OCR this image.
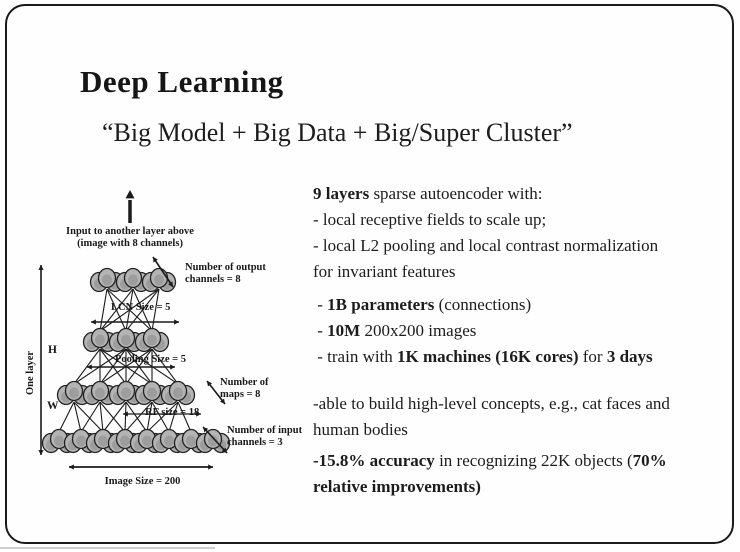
Deep Learning
“Big Model + Big Data + Big/Super Cluster”
Input to another layer above
(image with 8 channels)
Number of output channels = 8
LCN Size = 5
Pooling Size = 5
Number of maps = 8
RF size = 18
Number of input channels = 3
Image Size = 200
One layer
H
W
9 layers sparse autoencoder with:
- local receptive fields to scale up;
- local L2 pooling and local contrast normalization
for invariant features
- 1B parameters (connections)
- 10M 200x200 images
- train with 1K machines (16K cores) for 3 days
-able to build high-level concepts, e.g., cat faces and
human bodies
-15.8% accuracy in recognizing 22K objects (70%
relative improvements)
